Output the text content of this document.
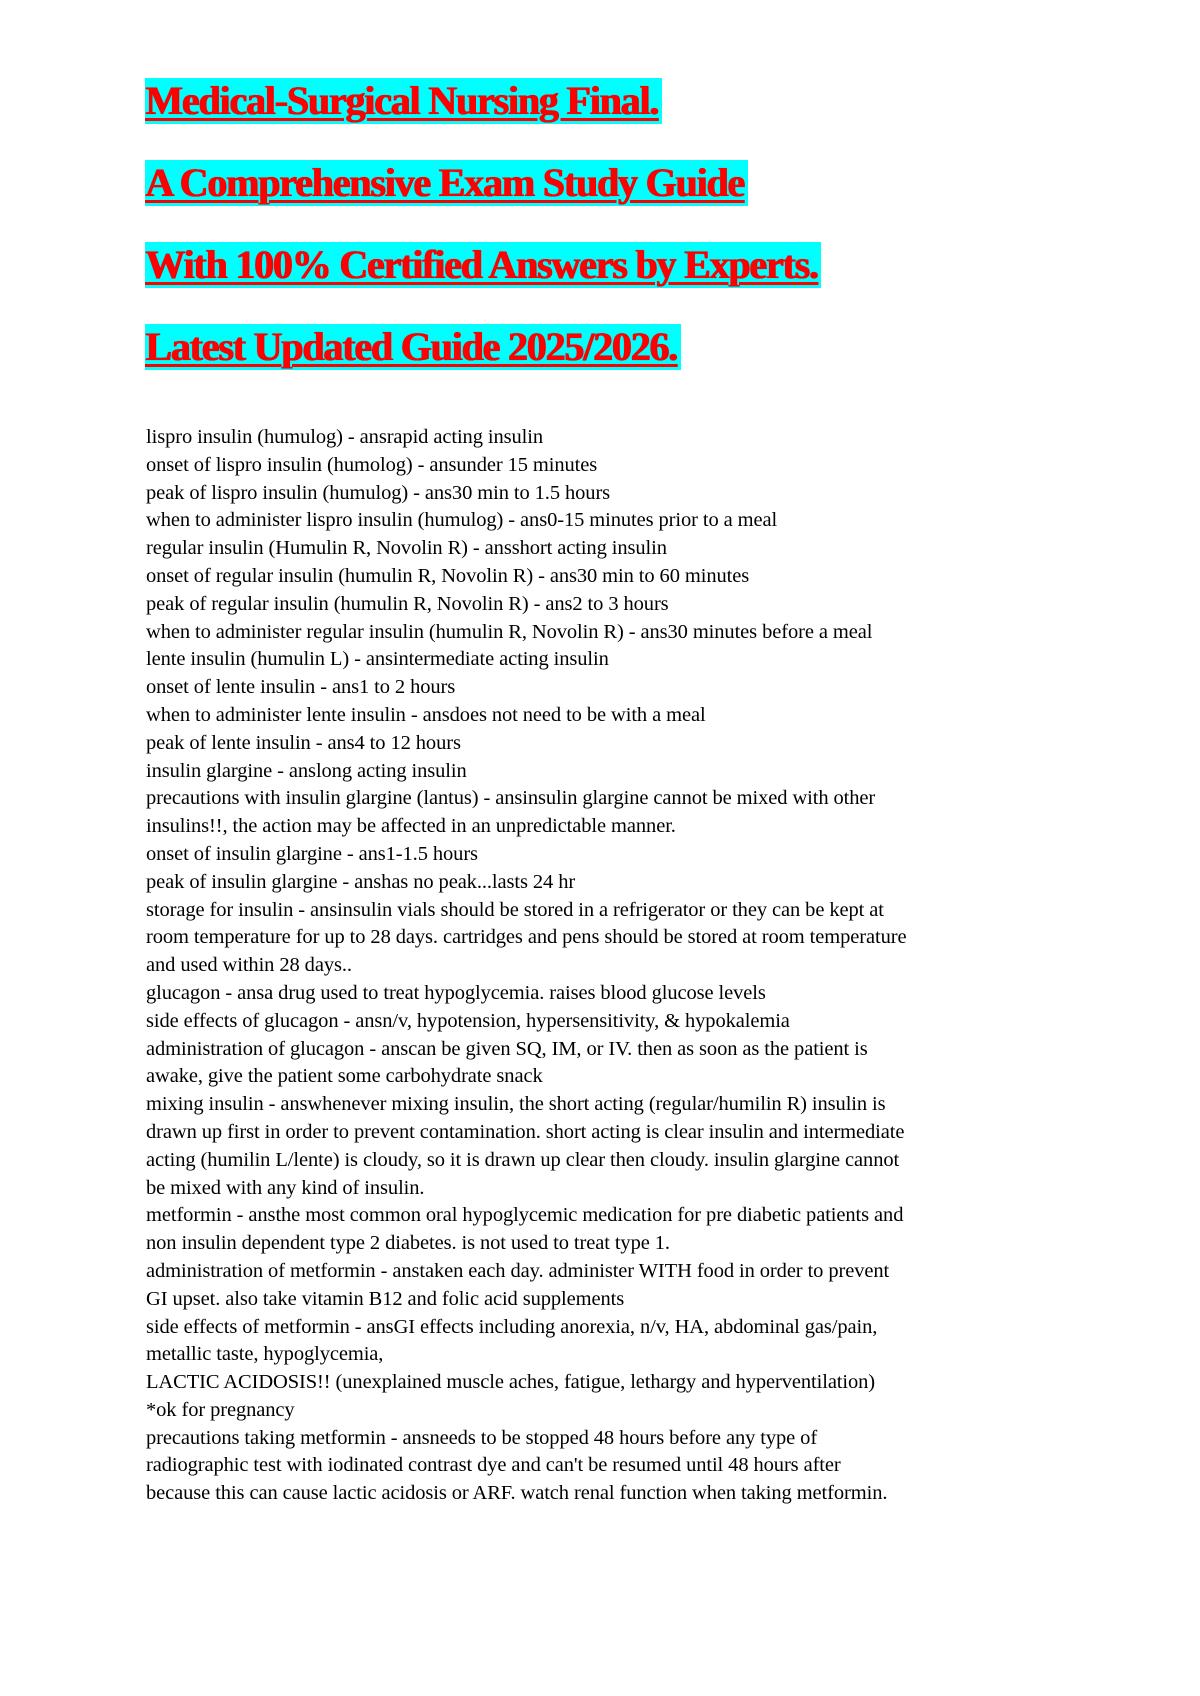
Medical-Surgical Nursing Final.
A Comprehensive Exam Study Guide
With 100% Certified Answers by Experts.
Latest Updated Guide 2025/2026.
lispro insulin (humulog) - ansrapid acting insulin
onset of lispro insulin (humolog) - ansunder 15 minutes
peak of lispro insulin (humulog) - ans30 min to 1.5 hours
when to administer lispro insulin (humulog) - ans0-15 minutes prior to a meal
regular insulin (Humulin R, Novolin R) - ansshort acting insulin
onset of regular insulin (humulin R, Novolin R) - ans30 min to 60 minutes
peak of regular insulin (humulin R, Novolin R) - ans2 to 3 hours
when to administer regular insulin (humulin R, Novolin R) - ans30 minutes before a meal
lente insulin (humulin L) - ansintermediate acting insulin
onset of lente insulin - ans1 to 2 hours
when to administer lente insulin - ansdoes not need to be with a meal
peak of lente insulin - ans4 to 12 hours
insulin glargine - anslong acting insulin
precautions with insulin glargine (lantus) - ansinsulin glargine cannot be mixed with other
insulins!!, the action may be affected in an unpredictable manner.
onset of insulin glargine - ans1-1.5 hours
peak of insulin glargine - anshas no peak...lasts 24 hr
storage for insulin - ansinsulin vials should be stored in a refrigerator or they can be kept at
room temperature for up to 28 days. cartridges and pens should be stored at room temperature
and used within 28 days..
glucagon - ansa drug used to treat hypoglycemia. raises blood glucose levels
side effects of glucagon - ansn/v, hypotension, hypersensitivity, & hypokalemia
administration of glucagon - anscan be given SQ, IM, or IV. then as soon as the patient is
awake, give the patient some carbohydrate snack
mixing insulin - answhenever mixing insulin, the short acting (regular/humilin R) insulin is
drawn up first in order to prevent contamination. short acting is clear insulin and intermediate
acting (humilin L/lente) is cloudy, so it is drawn up clear then cloudy. insulin glargine cannot
be mixed with any kind of insulin.
metformin - ansthe most common oral hypoglycemic medication for pre diabetic patients and
non insulin dependent type 2 diabetes. is not used to treat type 1.
administration of metformin - anstaken each day. administer WITH food in order to prevent
GI upset. also take vitamin B12 and folic acid supplements
side effects of metformin - ansGI effects including anorexia, n/v, HA, abdominal gas/pain,
metallic taste, hypoglycemia,
LACTIC ACIDOSIS!! (unexplained muscle aches, fatigue, lethargy and hyperventilation)
*ok for pregnancy
precautions taking metformin - ansneeds to be stopped 48 hours before any type of
radiographic test with iodinated contrast dye and can't be resumed until 48 hours after
because this can cause lactic acidosis or ARF. watch renal function when taking metformin.
